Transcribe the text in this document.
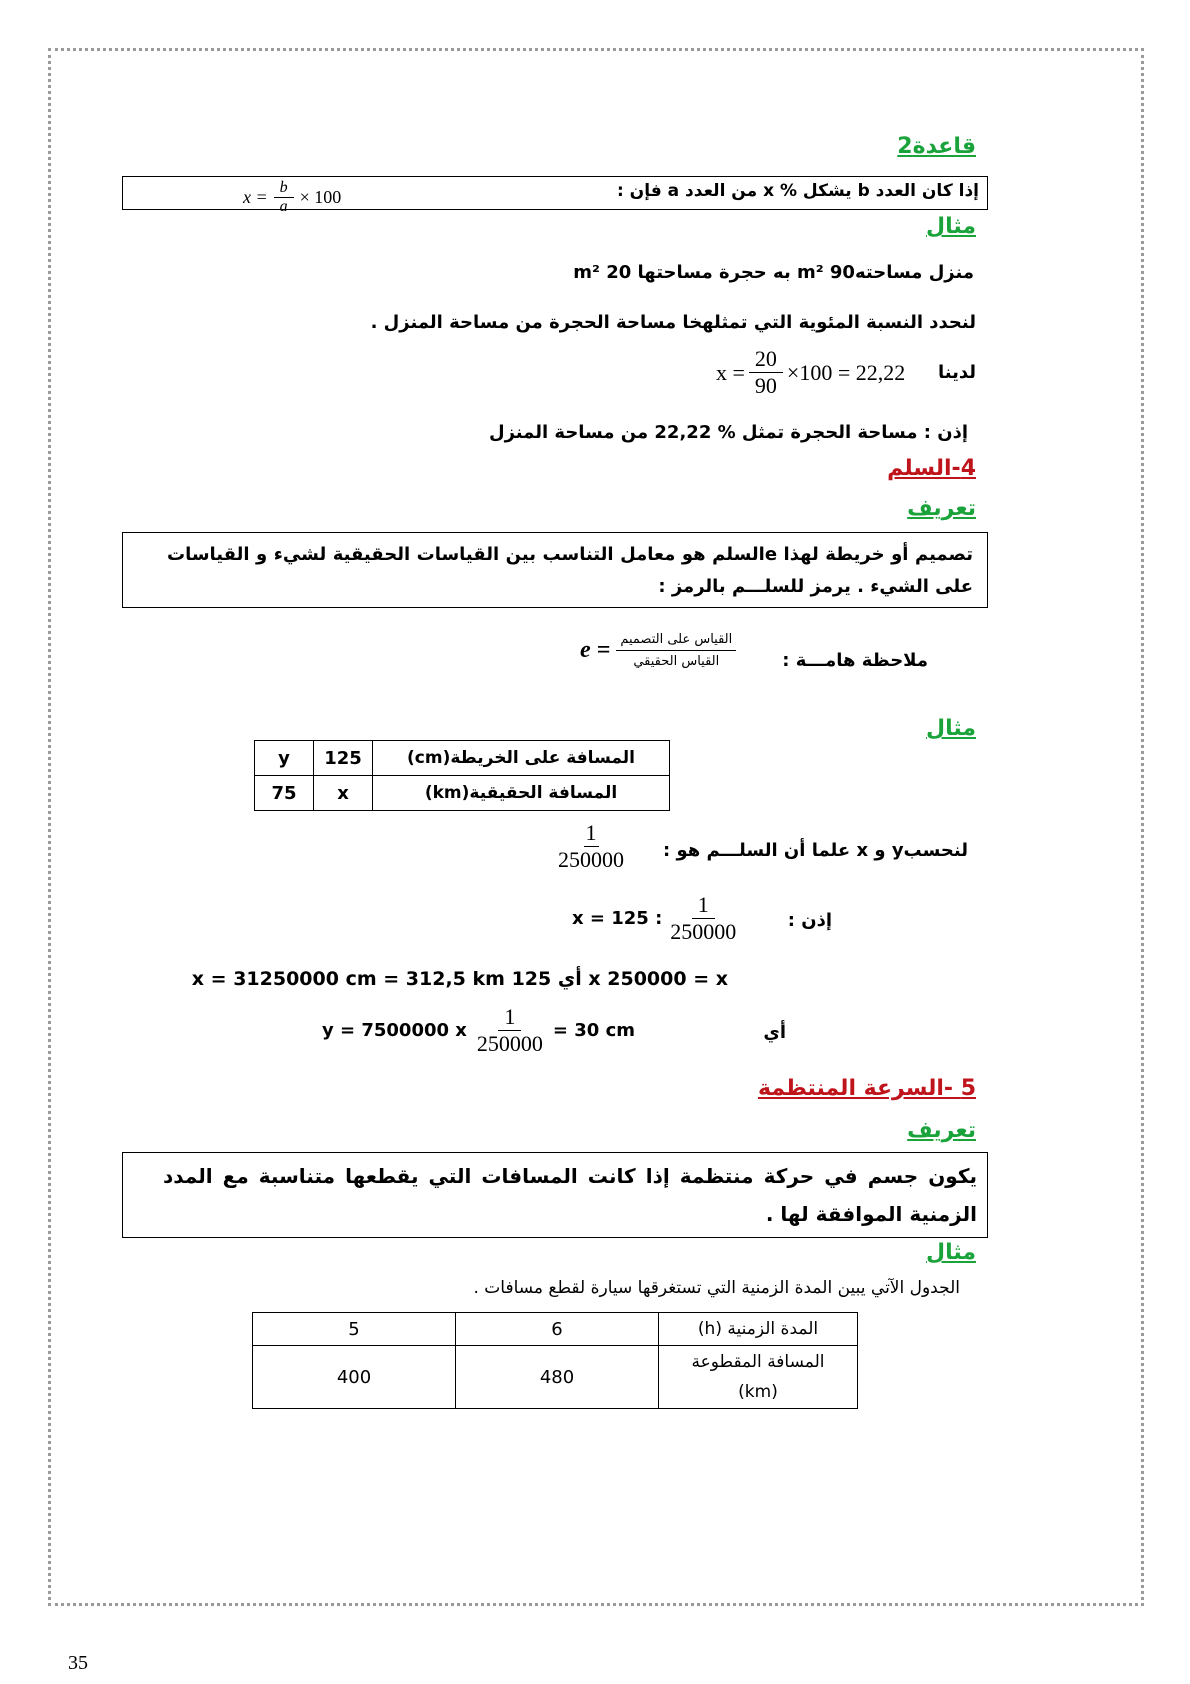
قاعدة2
إذا كان العدد b يشكل % x من العدد a فإن :
$x = \frac{b}{a} \times 100$
مثال
منزل مساحته90 m² به حجرة مساحتها 20 m²
لنحدد النسبة المئوية التي تمثلهخا مساحة الحجرة من مساحة المنزل .
لدينا
$x = \frac{20}{90} \times 100 = 22,22$
إذن : مساحة الحجرة تمثل % 22,22 من مساحة المنزل
4-السلم
تعريف
تصميم أو خريطة لهذا eالسلم هو معامل التناسب بين القياسات الحقيقية لشيء و القياسات على الشيء . يرمز للسلـــم بالرمز :
ملاحظة هامـــة :
$e = \frac{\text{القياس على التصميم}}{\text{القياس الحقيقي}}$
مثال
y	125	المسافة على الخريطة(cm)
75	x	المسافة الحقيقية(km)
لنحسبy و x علما أن السلـــم هو :
$\frac{1}{250000}$
إذن :
x = 125 : $\frac{1}{250000}$
x = 31250000 cm = 312,5 km أي 125 x 250000 = x
أي
y = 7500000 x $\frac{1}{250000} = 30$ cm
5 -السرعة المنتظمة
تعريف
يكون جسم في حركة منتظمة إذا كانت المسافات التي يقطعها متناسبة مع المدد الزمنية الموافقة لها .
مثال
الجدول الآتي يبين المدة الزمنية التي تستغرقها سيارة لقطع مسافات .
5	6	المدة الزمنية (h)
400	480	المسافة المقطوعة (km)
35
